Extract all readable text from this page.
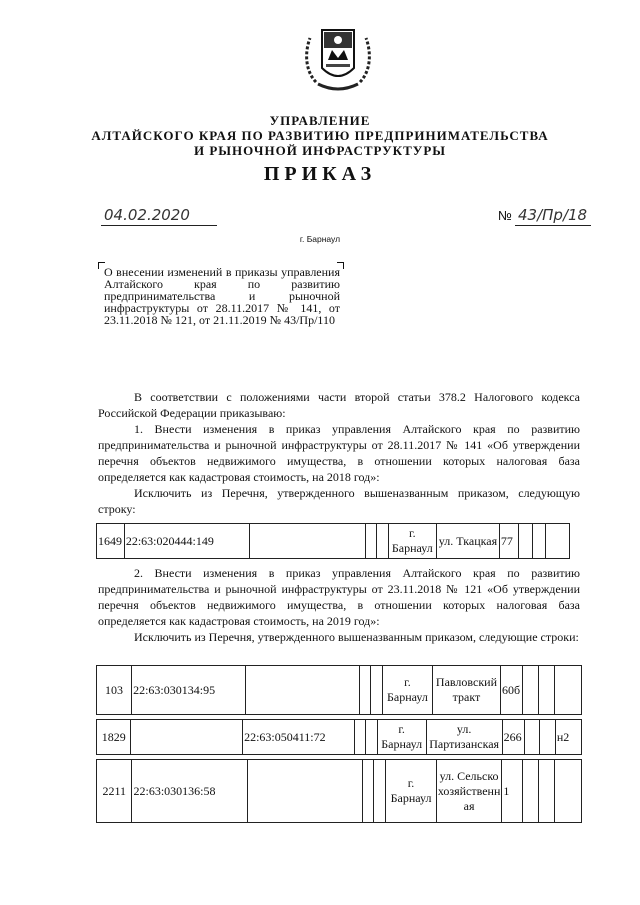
УПРАВЛЕНИЕ
АЛТАЙСКОГО КРАЯ ПО РАЗВИТИЮ ПРЕДПРИНИМАТЕЛЬСТВА
И РЫНОЧНОЙ ИНФРАСТРУКТУРЫ
ПРИКАЗ
04.02.2020	№ 43/Пр/18
г. Барнаул
О внесении изменений в приказы управления Алтайского края по развитию предпринимательства и рыночной инфраструктуры от 28.11.2017 № 141, от 23.11.2018 № 121, от 21.11.2019 № 43/Пр/110
В соответствии с положениями части второй статьи 378.2 Налогового кодекса Российской Федерации приказываю:
1. Внести изменения в приказ управления Алтайского края по развитию предпринимательства и рыночной инфраструктуры от 28.11.2017 № 141 «Об утверждении перечня объектов недвижимого имущества, в отношении которых налоговая база определяется как кадастровая стоимость, на 2018 год»:
Исключить из Перечня, утвержденного вышеназванным приказом, следующую строку:
1649	22:63:020444:149				г. Барнаул	ул. Ткацкая	77			
2. Внести изменения в приказ управления Алтайского края по развитию предпринимательства и рыночной инфраструктуры от 23.11.2018 № 121 «Об утверждении перечня объектов недвижимого имущества, в отношении которых налоговая база определяется как кадастровая стоимость, на 2019 год»:
Исключить из Перечня, утвержденного вышеназванным приказом, следующие строки:
103	22:63:030134:95				г. Барнаул	Павловский тракт	60б			
1829		22:63:050411:72			г. Барнаул	ул. Партизанская	266			н2
2211	22:63:030136:58				г. Барнаул	ул. Сельскохозяйственная	1			
